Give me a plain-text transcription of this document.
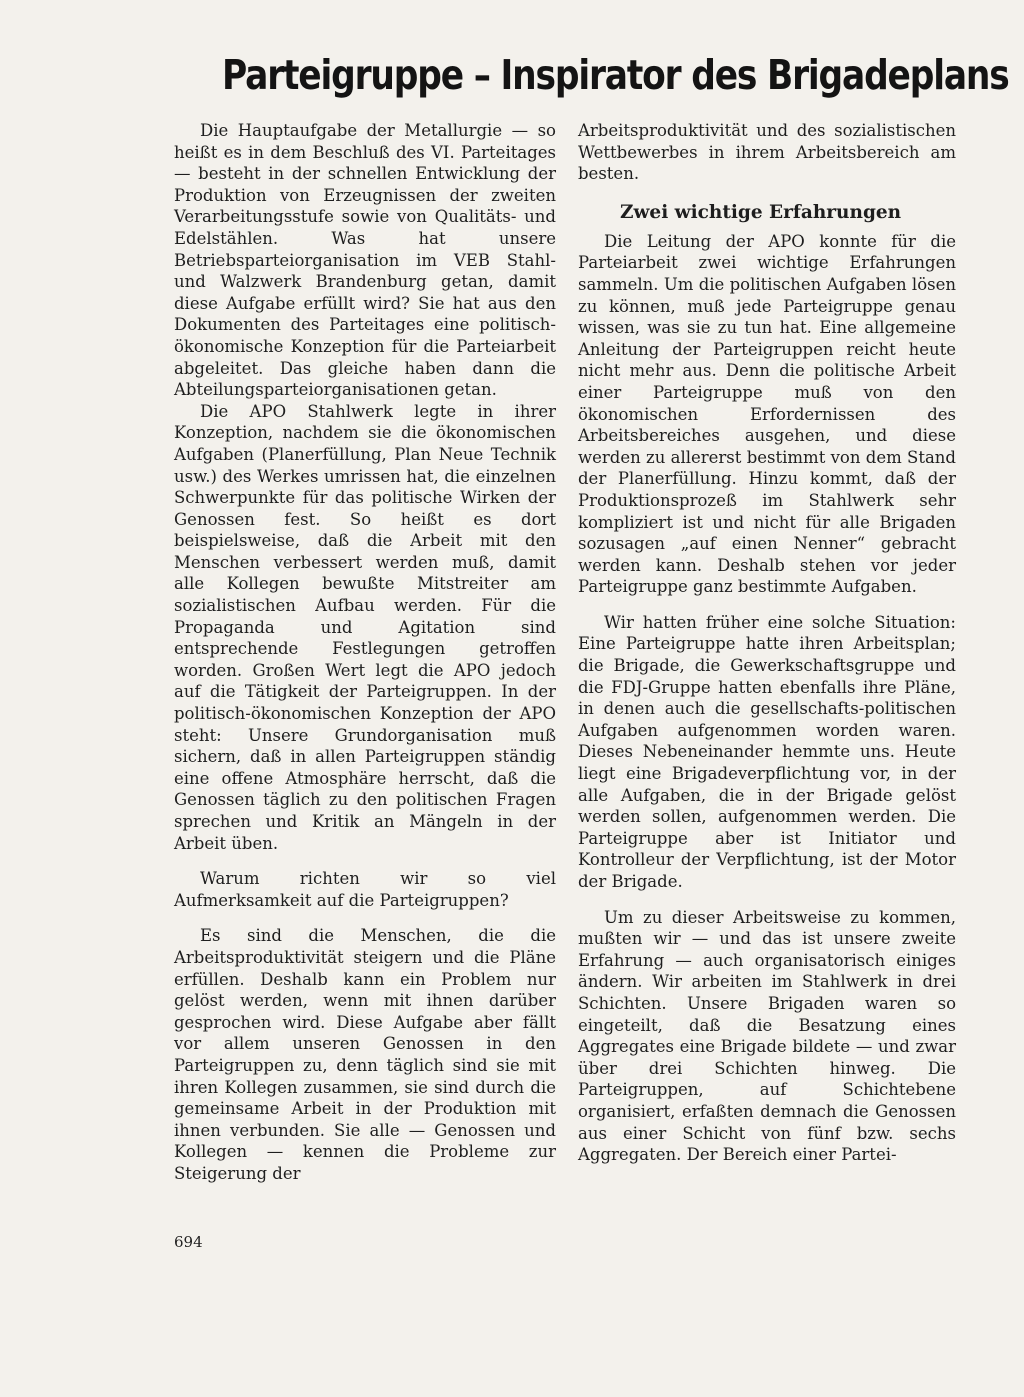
Parteigruppe – Inspirator des Brigadeplans

Die Hauptaufgabe der Metallurgie — so heißt es in dem Beschluß des VI. Parteitages — besteht in der schnellen Entwicklung der Produktion von Erzeugnissen der zweiten Verarbeitungsstufe sowie von Qualitäts- und Edelstählen. Was hat unsere Betriebsparteiorganisation im VEB Stahl- und Walzwerk Brandenburg getan, damit diese Aufgabe erfüllt wird? Sie hat aus den Dokumenten des Parteitages eine politisch-ökonomische Konzeption für die Parteiarbeit abgeleitet. Das gleiche haben dann die Abteilungsparteiorganisationen getan.

Die APO Stahlwerk legte in ihrer Konzeption, nachdem sie die ökonomischen Aufgaben (Planerfüllung, Plan Neue Technik usw.) des Werkes umrissen hat, die einzelnen Schwerpunkte für das politische Wirken der Genossen fest. So heißt es dort beispielsweise, daß die Arbeit mit den Menschen verbessert werden muß, damit alle Kollegen bewußte Mitstreiter am sozialistischen Aufbau werden. Für die Propaganda und Agitation sind entsprechende Festlegungen getroffen worden. Großen Wert legt die APO jedoch auf die Tätigkeit der Parteigruppen. In der politisch-ökonomischen Konzeption der APO steht: Unsere Grundorganisation muß sichern, daß in allen Parteigruppen ständig eine offene Atmosphäre herrscht, daß die Genossen täglich zu den politischen Fragen sprechen und Kritik an Mängeln in der Arbeit üben.

Warum richten wir so viel Aufmerksamkeit auf die Parteigruppen?

Es sind die Menschen, die die Arbeitsproduktivität steigern und die Pläne erfüllen. Deshalb kann ein Problem nur gelöst werden, wenn mit ihnen darüber gesprochen wird. Diese Aufgabe aber fällt vor allem unseren Genossen in den Parteigruppen zu, denn täglich sind sie mit ihren Kollegen zusammen, sie sind durch die gemeinsame Arbeit in der Produktion mit ihnen verbunden. Sie alle — Genossen und Kollegen — kennen die Probleme zur Steigerung der

Arbeitsproduktivität und des sozialistischen Wettbewerbes in ihrem Arbeitsbereich am besten.

Zwei wichtige Erfahrungen

Die Leitung der APO konnte für die Parteiarbeit zwei wichtige Erfahrungen sammeln. Um die politischen Aufgaben lösen zu können, muß jede Parteigruppe genau wissen, was sie zu tun hat. Eine allgemeine Anleitung der Parteigruppen reicht heute nicht mehr aus. Denn die politische Arbeit einer Parteigruppe muß von den ökonomischen Erfordernissen des Arbeitsbereiches ausgehen, und diese werden zu allererst bestimmt von dem Stand der Planerfüllung. Hinzu kommt, daß der Produktionsprozeß im Stahlwerk sehr kompliziert ist und nicht für alle Brigaden sozusagen „auf einen Nenner“ gebracht werden kann. Deshalb stehen vor jeder Parteigruppe ganz bestimmte Aufgaben.

Wir hatten früher eine solche Situation: Eine Parteigruppe hatte ihren Arbeitsplan; die Brigade, die Gewerkschaftsgruppe und die FDJ-Gruppe hatten ebenfalls ihre Pläne, in denen auch die gesellschafts-politischen Aufgaben aufgenommen worden waren. Dieses Nebeneinander hemmte uns. Heute liegt eine Brigadeverpflichtung vor, in der alle Aufgaben, die in der Brigade gelöst werden sollen, aufgenommen werden. Die Parteigruppe aber ist Initiator und Kontrolleur der Verpflichtung, ist der Motor der Brigade.

Um zu dieser Arbeitsweise zu kommen, mußten wir — und das ist unsere zweite Erfahrung — auch organisatorisch einiges ändern. Wir arbeiten im Stahlwerk in drei Schichten. Unsere Brigaden waren so eingeteilt, daß die Besatzung eines Aggregates eine Brigade bildete — und zwar über drei Schichten hinweg. Die Parteigruppen, auf Schichtebene organisiert, erfaßten demnach die Genossen aus einer Schicht von fünf bzw. sechs Aggregaten. Der Bereich einer Partei-

694
